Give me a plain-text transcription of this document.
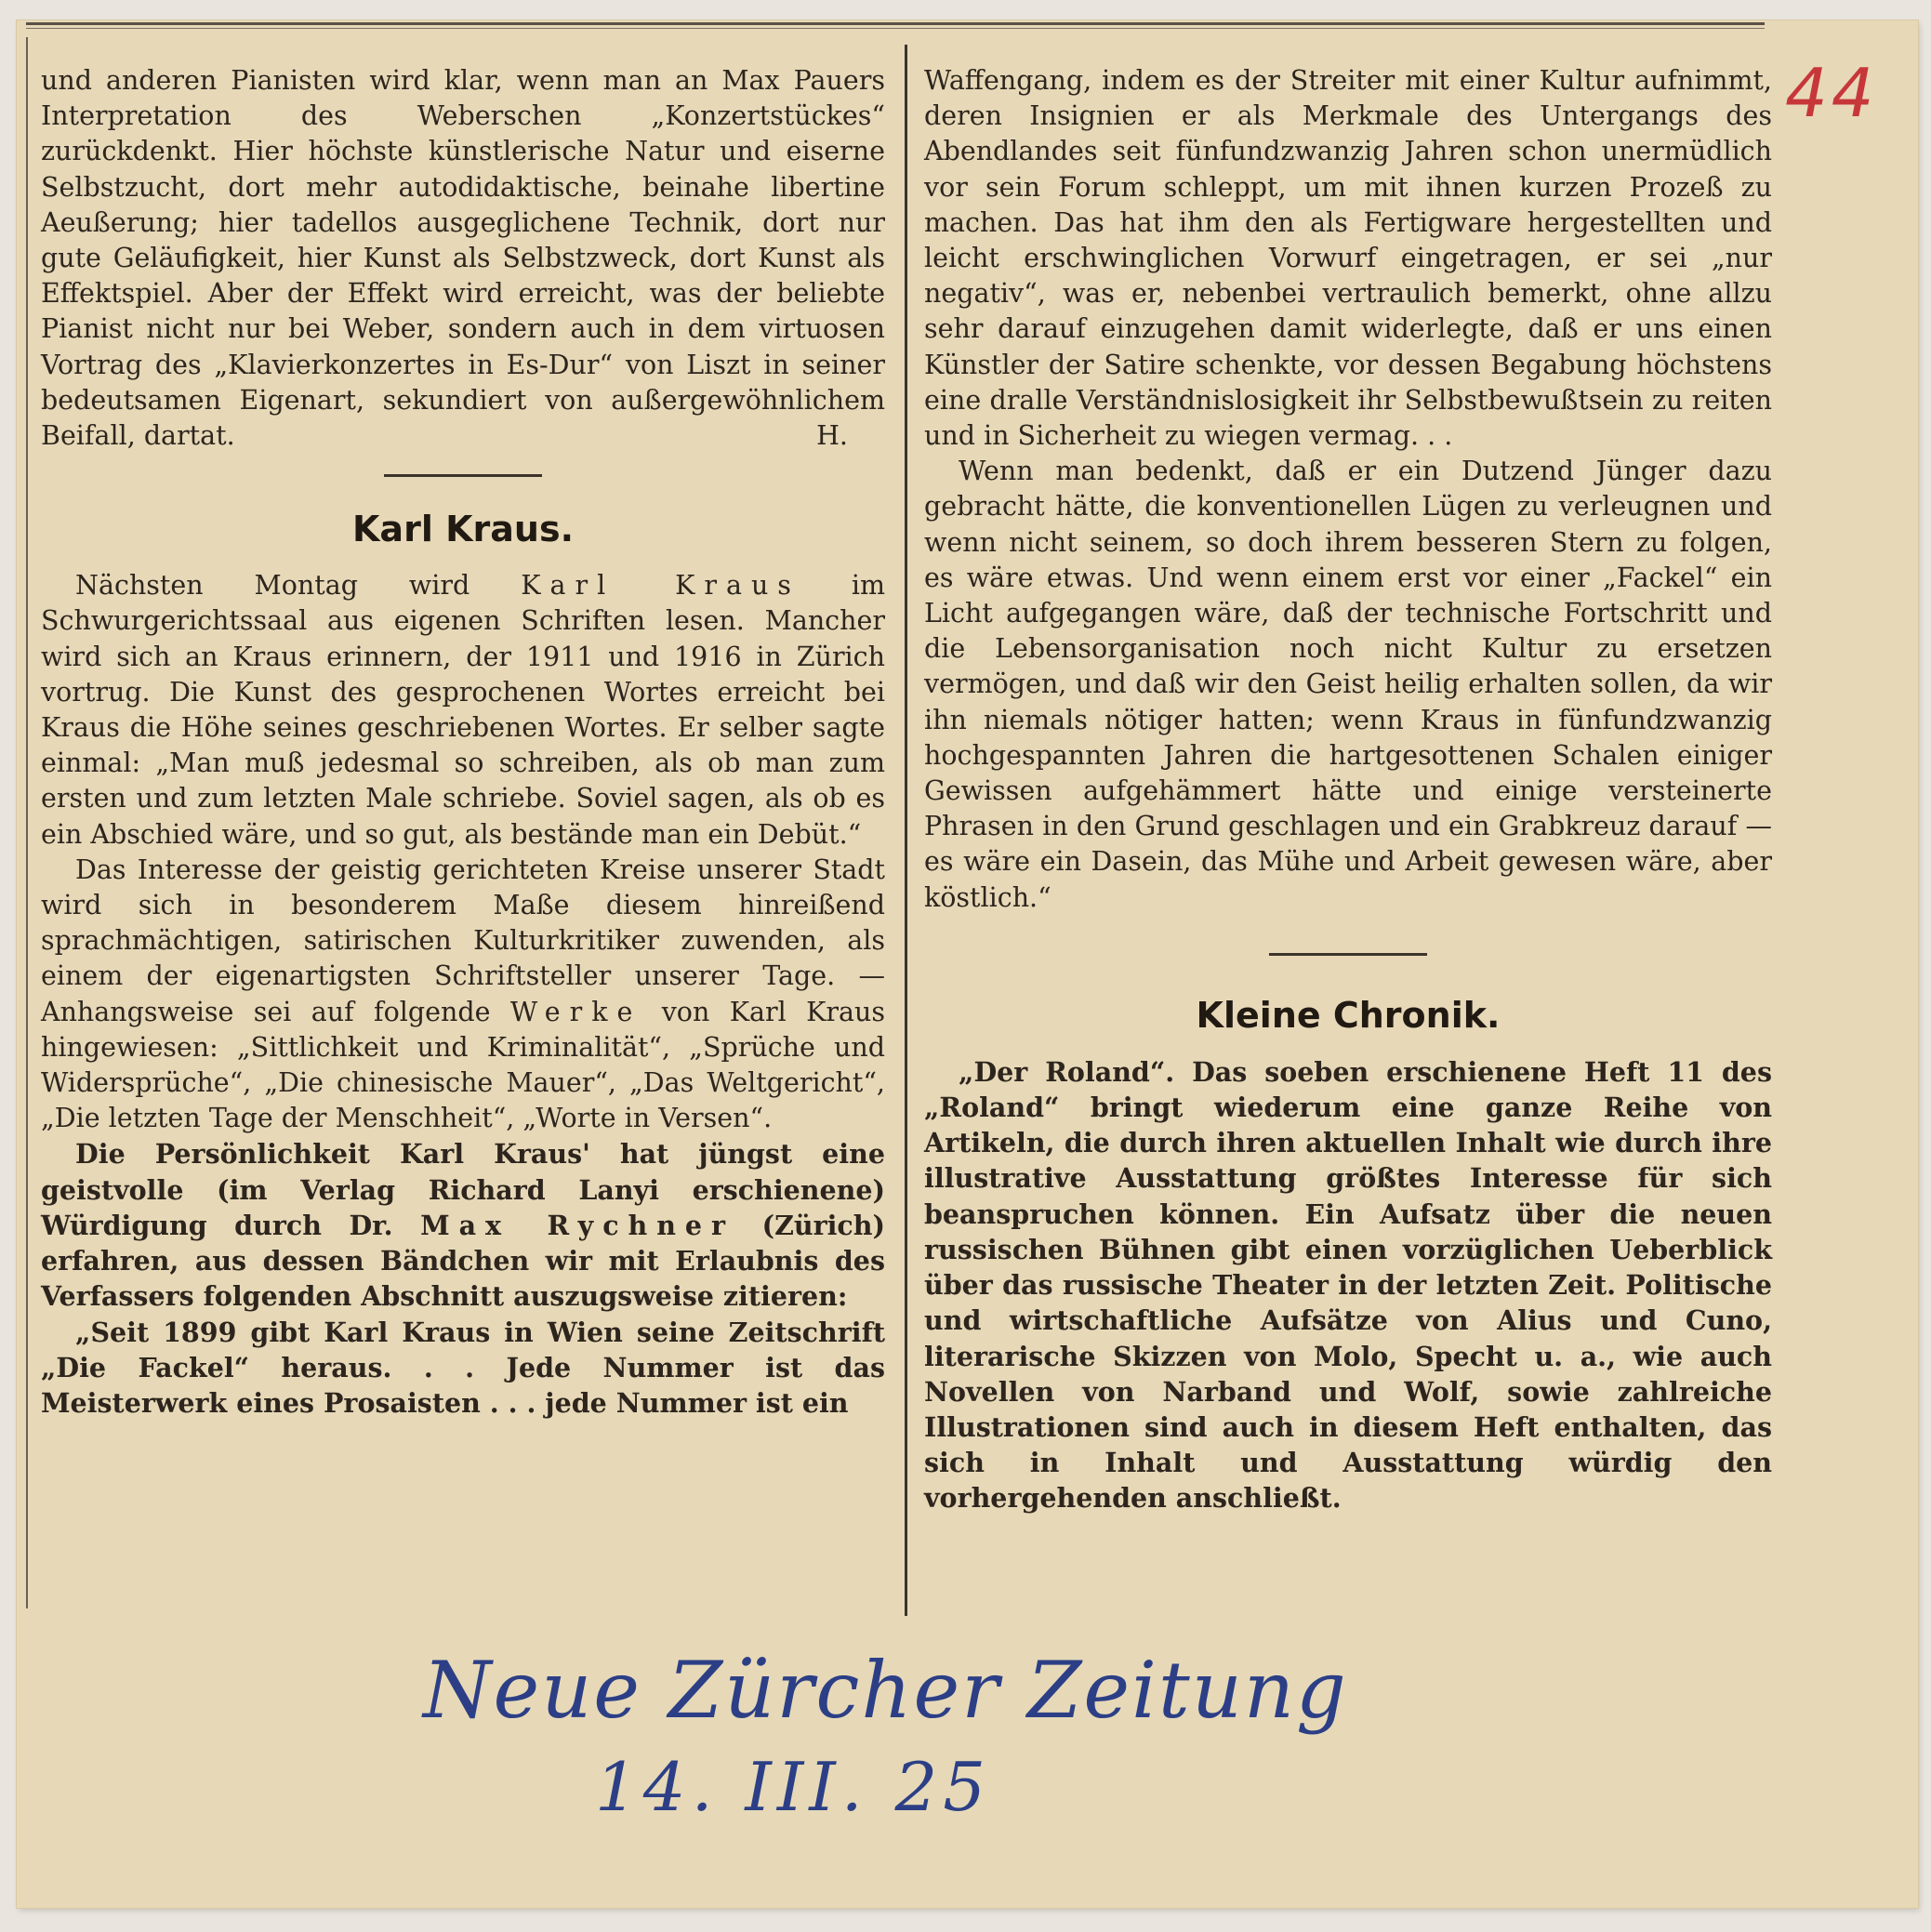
44

und anderen Pianisten wird klar, wenn man an Max Pauers Interpretation des Weberschen „Konzertstückes“ zurückdenkt. Hier höchste künstlerische Natur und eiserne Selbstzucht, dort mehr autodidaktische, beinahe libertine Aeußerung; hier tadellos ausgeglichene Technik, dort nur gute Geläufigkeit, hier Kunst als Selbstzweck, dort Kunst als Effektspiel. Aber der Effekt wird erreicht, was der beliebte Pianist nicht nur bei Weber, sondern auch in dem virtuosen Vortrag des „Klavierkonzertes in Es-Dur“ von Liszt in seiner bedeutsamen Eigenart, sekundiert von außergewöhnlichem Beifall, dartat.	H.

Karl Kraus.

Nächsten Montag wird Karl Kraus im Schwurgerichtssaal aus eigenen Schriften lesen. Mancher wird sich an Kraus erinnern, der 1911 und 1916 in Zürich vortrug. Die Kunst des gesprochenen Wortes erreicht bei Kraus die Höhe seines geschriebenen Wortes. Er selber sagte einmal: „Man muß jedesmal so schreiben, als ob man zum ersten und zum letzten Male schriebe. Soviel sagen, als ob es ein Abschied wäre, und so gut, als bestände man ein Debüt.“

Das Interesse der geistig gerichteten Kreise unserer Stadt wird sich in besonderem Maße diesem hinreißend sprachmächtigen, satirischen Kulturkritiker zuwenden, als einem der eigenartigsten Schriftsteller unserer Tage. — Anhangsweise sei auf folgende Werke von Karl Kraus hingewiesen: „Sittlichkeit und Kriminalität“, „Sprüche und Widersprüche“, „Die chinesische Mauer“, „Das Weltgericht“, „Die letzten Tage der Menschheit“, „Worte in Versen“.

Die Persönlichkeit Karl Kraus' hat jüngst eine geistvolle (im Verlag Richard Lanyi erschienene) Würdigung durch Dr. Max Rychner (Zürich) erfahren, aus dessen Bändchen wir mit Erlaubnis des Verfassers folgenden Abschnitt auszugsweise zitieren:

„Seit 1899 gibt Karl Kraus in Wien seine Zeitschrift „Die Fackel“ heraus. . . Jede Nummer ist das Meisterwerk eines Prosaisten . . . jede Nummer ist ein

Waffengang, indem es der Streiter mit einer Kultur aufnimmt, deren Insignien er als Merkmale des Untergangs des Abendlandes seit fünfundzwanzig Jahren schon unermüdlich vor sein Forum schleppt, um mit ihnen kurzen Prozeß zu machen. Das hat ihm den als Fertigware hergestellten und leicht erschwinglichen Vorwurf eingetragen, er sei „nur negativ“, was er, nebenbei vertraulich bemerkt, ohne allzu sehr darauf einzugehen damit widerlegte, daß er uns einen Künstler der Satire schenkte, vor dessen Begabung höchstens eine dralle Verständnislosigkeit ihr Selbstbewußtsein zu reiten und in Sicherheit zu wiegen vermag. . .

Wenn man bedenkt, daß er ein Dutzend Jünger dazu gebracht hätte, die konventionellen Lügen zu verleugnen und wenn nicht seinem, so doch ihrem besseren Stern zu folgen, es wäre etwas. Und wenn einem erst vor einer „Fackel“ ein Licht aufgegangen wäre, daß der technische Fortschritt und die Lebensorganisation noch nicht Kultur zu ersetzen vermögen, und daß wir den Geist heilig erhalten sollen, da wir ihn niemals nötiger hatten; wenn Kraus in fünfundzwanzig hochgespannten Jahren die hartgesottenen Schalen einiger Gewissen aufgehämmert hätte und einige versteinerte Phrasen in den Grund geschlagen und ein Grabkreuz darauf — es wäre ein Dasein, das Mühe und Arbeit gewesen wäre, aber köstlich.“

Kleine Chronik.

„Der Roland“. Das soeben erschienene Heft 11 des „Roland“ bringt wiederum eine ganze Reihe von Artikeln, die durch ihren aktuellen Inhalt wie durch ihre illustrative Ausstattung größtes Interesse für sich beanspruchen können. Ein Aufsatz über die neuen russischen Bühnen gibt einen vorzüglichen Ueberblick über das russische Theater in der letzten Zeit. Politische und wirtschaftliche Aufsätze von Alius und Cuno, literarische Skizzen von Molo, Specht u. a., wie auch Novellen von Narband und Wolf, sowie zahlreiche Illustrationen sind auch in diesem Heft enthalten, das sich in Inhalt und Ausstattung würdig den vorhergehenden anschließt.

Neue Zürcher Zeitung
14. III. 25
